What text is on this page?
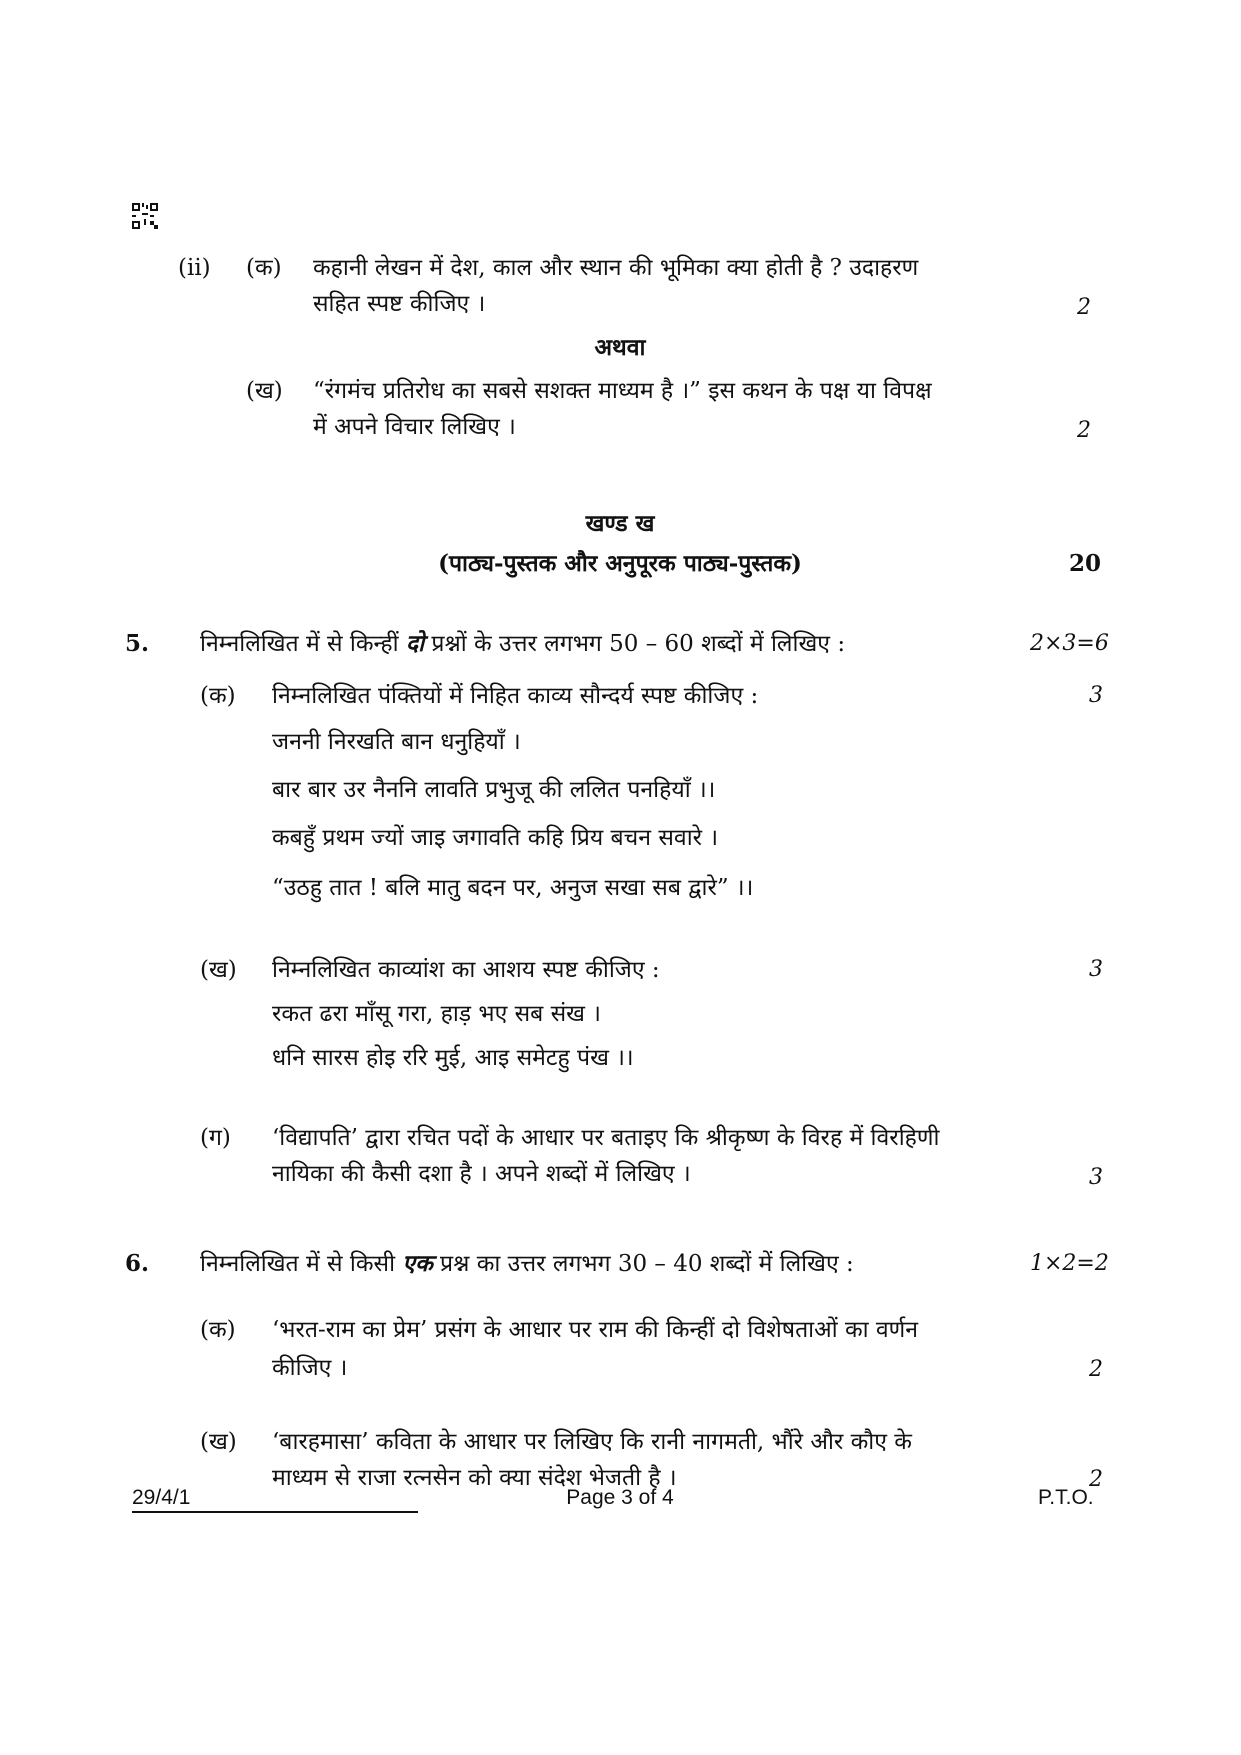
(ii) (क) कहानी लेखन में देश, काल और स्थान की भूमिका क्या होती है ? उदाहरण
सहित स्पष्ट कीजिए ।	2
अथवा
(ख) “रंगमंच प्रतिरोध का सबसे सशक्त माध्यम है ।” इस कथन के पक्ष या विपक्ष
में अपने विचार लिखिए ।	2
खण्ड ख
(पाठ्य-पुस्तक और अनुपूरक पाठ्य-पुस्तक)	20
5. निम्नलिखित में से किन्हीं दो प्रश्नों के उत्तर लगभग 50 – 60 शब्दों में लिखिए :	2×3=6
(क) निम्नलिखित पंक्तियों में निहित काव्य सौन्दर्य स्पष्ट कीजिए :	3
जननी निरखति बान धनुहियाँ ।
बार बार उर नैननि लावति प्रभुजू की ललित पनहियाँ ।।
कबहुँ प्रथम ज्यों जाइ जगावति कहि प्रिय बचन सवारे ।
“उठहु तात ! बलि मातु बदन पर, अनुज सखा सब द्वारे” ।।
(ख) निम्नलिखित काव्यांश का आशय स्पष्ट कीजिए :	3
रकत ढरा माँसू गरा, हाड़ भए सब संख ।
धनि सारस होइ ररि मुई, आइ समेटहु पंख ।।
(ग) ‘विद्यापति’ द्वारा रचित पदों के आधार पर बताइए कि श्रीकृष्ण के विरह में विरहिणी
नायिका की कैसी दशा है । अपने शब्दों में लिखिए ।	3
6. निम्नलिखित में से किसी एक प्रश्न का उत्तर लगभग 30 – 40 शब्दों में लिखिए :	1×2=2
(क) ‘भरत-राम का प्रेम’ प्रसंग के आधार पर राम की किन्हीं दो विशेषताओं का वर्णन
कीजिए ।	2
(ख) ‘बारहमासा’ कविता के आधार पर लिखिए कि रानी नागमती, भौंरे और कौए के
माध्यम से राजा रत्नसेन को क्या संदेश भेजती है ।	2
29/4/1	Page 3 of 4	P.T.O.
